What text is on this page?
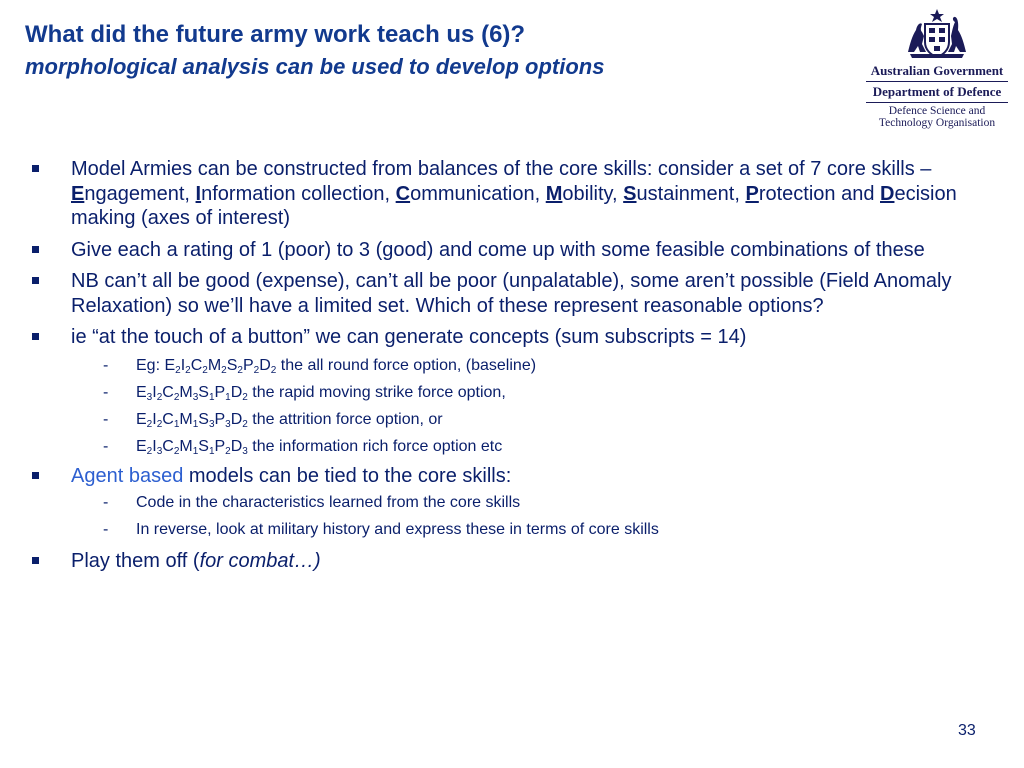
What did the future army work teach us (6)?
morphological analysis can be used to develop options	Australian Government
Department of Defence
Defence Science and
Technology Organisation
Model Armies can be constructed from balances of the core skills: consider a set of 7 core skills – Engagement, Information collection, Communication, Mobility, Sustainment, Protection and Decision making (axes of interest)
Give each a rating of 1 (poor) to 3 (good) and come up with some feasible combinations of these
NB can’t all be good (expense), can’t all be poor (unpalatable), some aren’t possible (Field Anomaly Relaxation) so we’ll have a limited set. Which of these represent reasonable options?
ie “at the touch of a button” we can generate concepts (sum subscripts = 14)
- Eg: $E_2I_2C_2M_2S_2P_2D_2$ the all round force option, (baseline)
- $E_3I_2C_2M_3S_1P_1D_2$ the rapid moving strike force option,
- $E_2I_2C_1M_1S_3P_3D_2$ the attrition force option, or
- $E_2I_3C_2M_1S_1P_2D_3$ the information rich force option etc
Agent based models can be tied to the core skills:
- Code in the characteristics learned from the core skills
- In reverse, look at military history and express these in terms of core skills
Play them off (for combat…)
33
